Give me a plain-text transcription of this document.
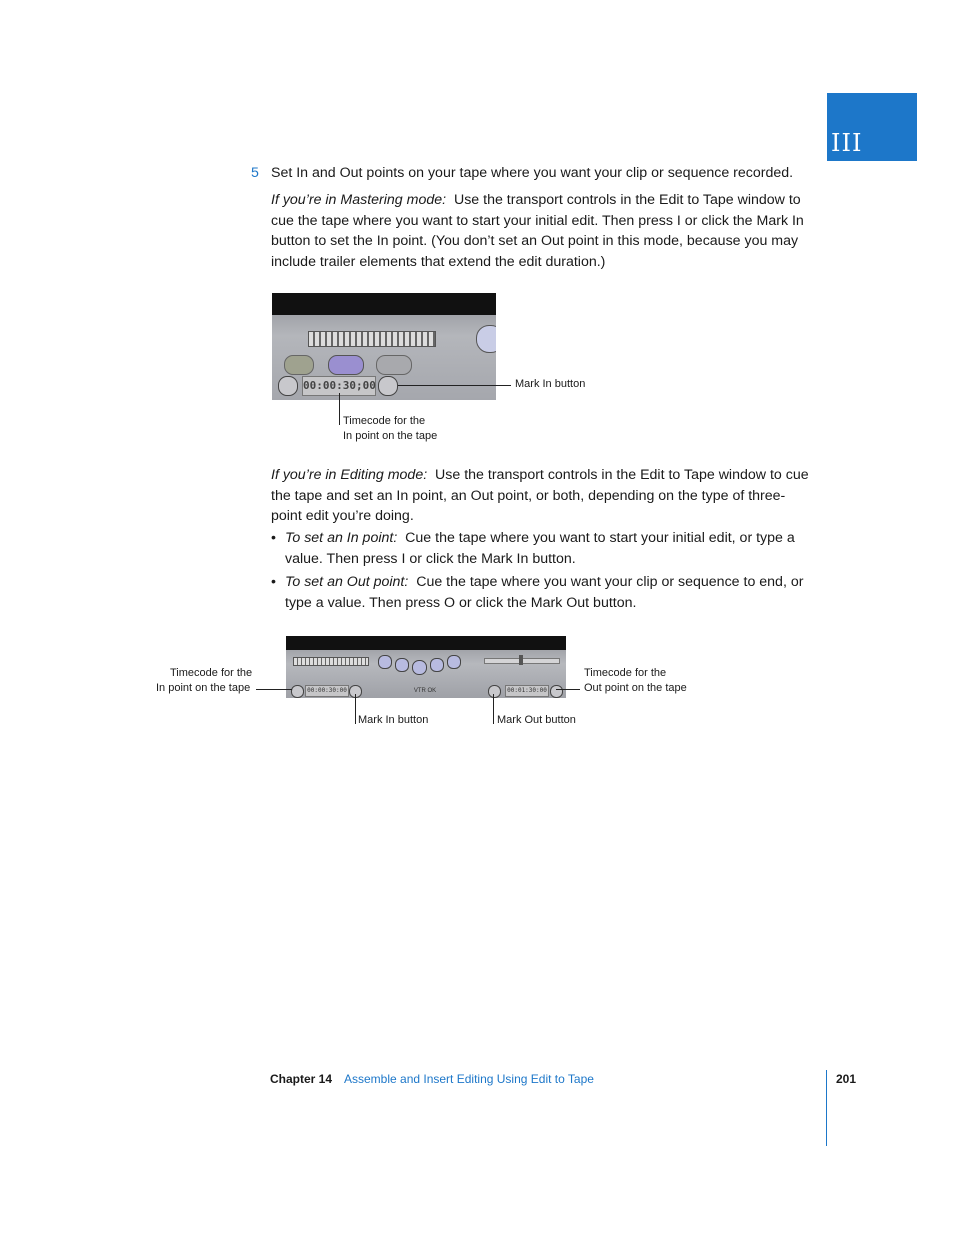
III
5 Set In and Out points on your tape where you want your clip or sequence recorded.
If you’re in Mastering mode: Use the transport controls in the Edit to Tape window to
cue the tape where you want to start your initial edit. Then press I or click the Mark In
button to set the In point. (You don’t set an Out point in this mode, because you may
include trailer elements that extend the edit duration.)
00:00:30;00	Mark In button
Timecode for the
In point on the tape
If you’re in Editing mode: Use the transport controls in the Edit to Tape window to cue
the tape and set an In point, an Out point, or both, depending on the type of three-
point edit you’re doing.
• To set an In point: Cue the tape where you want to start your initial edit, or type a
value. Then press I or click the Mark In button.
• To set an Out point: Cue the tape where you want your clip or sequence to end, or
type a value. Then press O or click the Mark Out button.
00:00:30:00	VTR OK	00:01:30:00
Timecode for the
In point on the tape
Timecode for the
Out point on the tape
Mark In button	Mark Out button
Chapter 14 Assemble and Insert Editing Using Edit to Tape	201
